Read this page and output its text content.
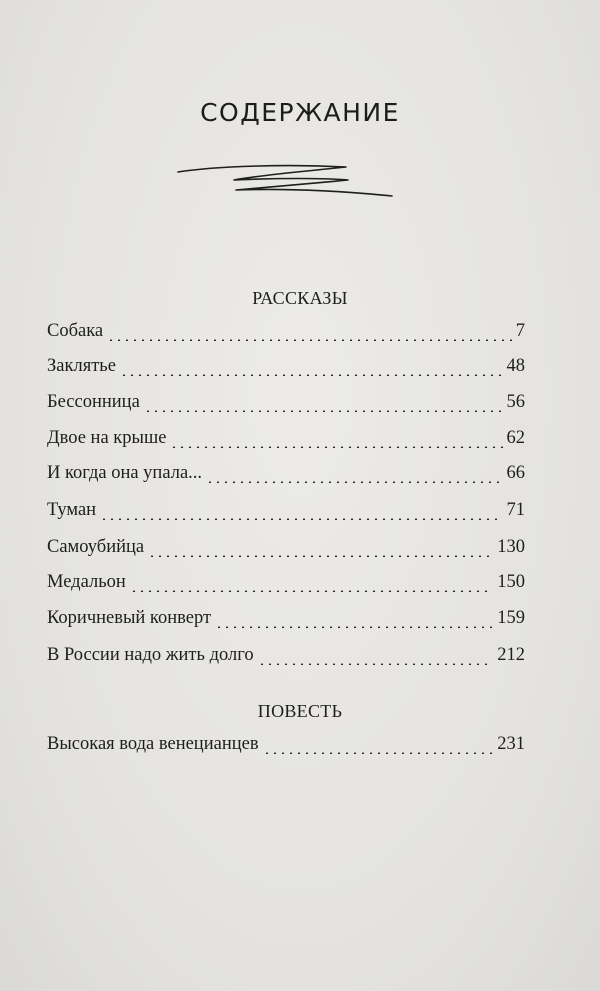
СОДЕРЖАНИЕ
РАССКАЗЫ
Собака	7
Заклятье	48
Бессонница	56
Двое на крыше	62
И когда она упала...	66
Туман	71
Самоубийца	130
Медальон	150
Коричневый конверт	159
В России надо жить долго	212
ПОВЕСТЬ
Высокая вода венецианцев	231
